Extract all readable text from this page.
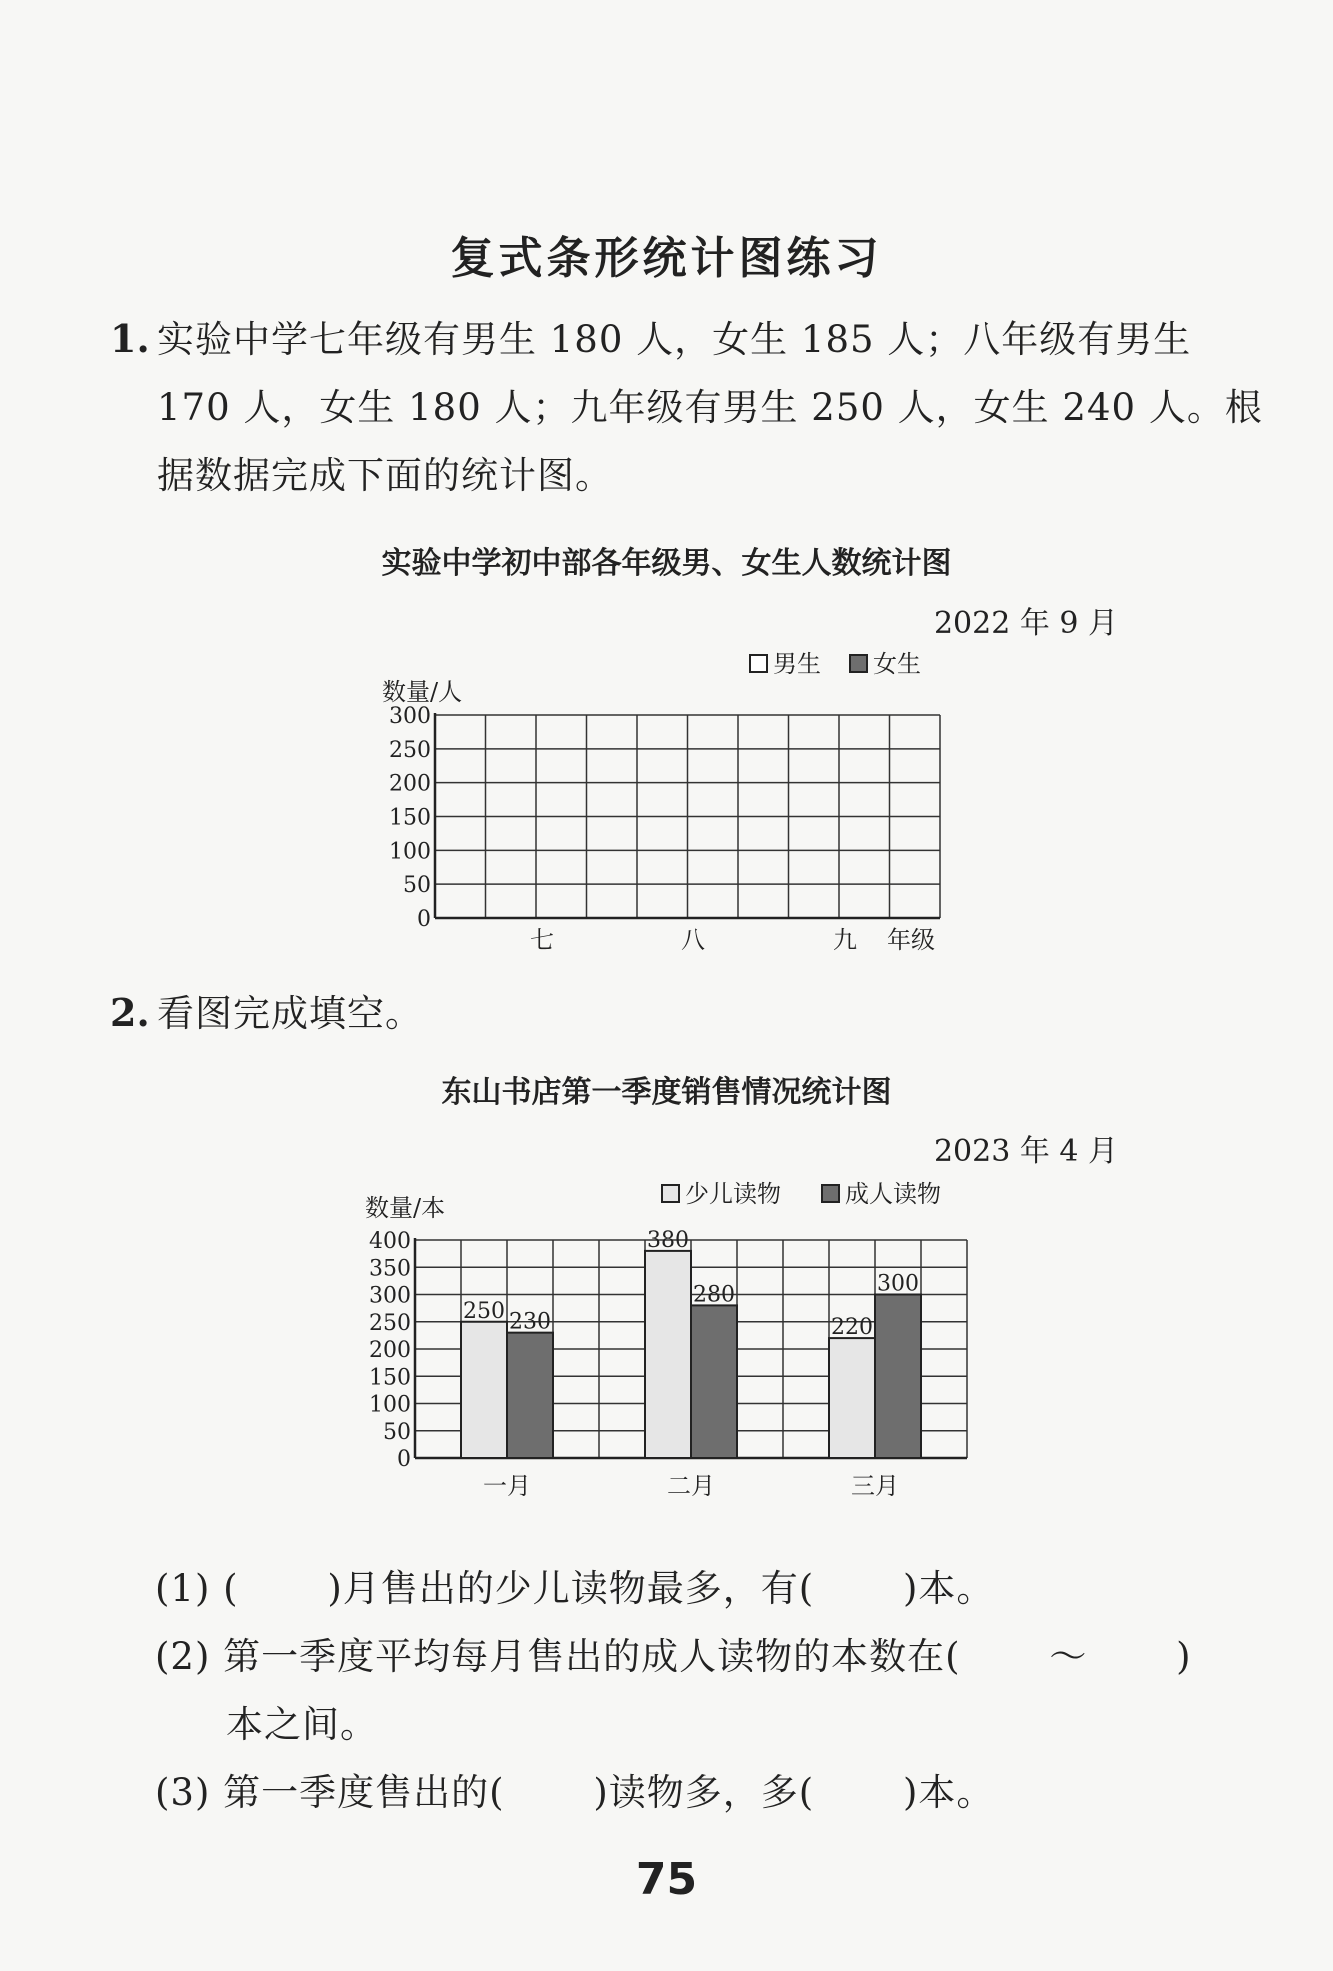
复式条形统计图练习
1. 实验中学七年级有男生 180 人，女生 185 人；八年级有男生
170 人，女生 180 人；九年级有男生 250 人，女生 240 人。根
据数据完成下面的统计图。
实验中学初中部各年级男、女生人数统计图
2022 年 9 月
0
50
100
150
200
250
300
数量/人
年级
七	八	九
男生 女生
2. 看图完成填空。
东山书店第一季度销售情况统计图
2023 年 4 月
0
50
100
150
200
250
300
350
400
数量/本
一月	二月	三月
250
380
220
230
280	300
少儿读物	成人读物
(1) (　　 )月售出的少儿读物最多，有(　　 )本。
(2) 第一季度平均每月售出的成人读物的本数在(　　 ～　　 )
本之间。
(3) 第一季度售出的(　　 )读物多，多(　　 )本。
75
